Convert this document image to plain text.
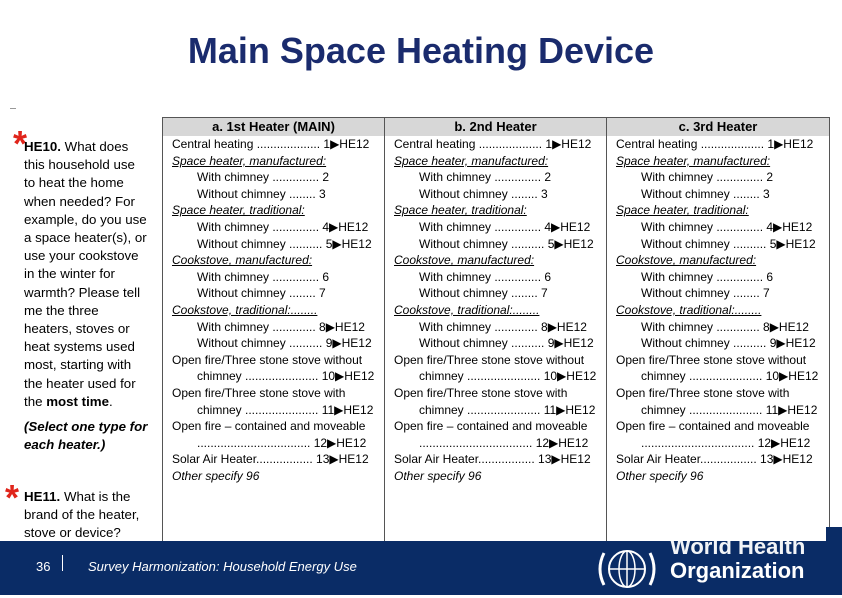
Main Space Heating Device
*
HE10. What does
this household use
to heat the home
when needed? For
example, do you use
a space heater(s), or
use your cookstove
in the winter for
warmth? Please tell
me the three
heaters, stoves or
heat systems used
most, starting with
the heater used for
the most time.
(Select one type for
each heater.)
* HE11. What is the
brand of the heater,
stove or device?
a. 1st Heater (MAIN)
Central heating ................... 1▶HE12
Space heater, manufactured:
With chimney .............. 2
Without chimney ........ 3
Space heater, traditional:
With chimney .............. 4▶HE12
Without chimney .......... 5▶HE12
Cookstove, manufactured:
With chimney .............. 6
Without chimney ........ 7
Cookstove, traditional:........
With chimney ............. 8▶HE12
Without chimney .......... 9▶HE12
Open fire/Three stone stove without
chimney ...................... 10▶HE12
Open fire/Three stone stove with
chimney ...................... 11▶HE12
Open fire – contained and moveable
.................................. 12▶HE12
Solar Air Heater................. 13▶HE12
Other specify 96
b. 2nd Heater
Central heating ................... 1▶HE12
Space heater, manufactured:
With chimney .............. 2
Without chimney ........ 3
Space heater, traditional:
With chimney .............. 4▶HE12
Without chimney .......... 5▶HE12
Cookstove, manufactured:
With chimney .............. 6
Without chimney ........ 7
Cookstove, traditional:........
With chimney ............. 8▶HE12
Without chimney .......... 9▶HE12
Open fire/Three stone stove without
chimney ...................... 10▶HE12
Open fire/Three stone stove with
chimney ...................... 11▶HE12
Open fire – contained and moveable
.................................. 12▶HE12
Solar Air Heater................. 13▶HE12
Other specify 96
c. 3rd Heater
Central heating ................... 1▶HE12
Space heater, manufactured:
With chimney .............. 2
Without chimney ........ 3
Space heater, traditional:
With chimney .............. 4▶HE12
Without chimney .......... 5▶HE12
Cookstove, manufactured:
With chimney .............. 6
Without chimney ........ 7
Cookstove, traditional:........
With chimney ............. 8▶HE12
Without chimney .......... 9▶HE12
Open fire/Three stone stove without
chimney ...................... 10▶HE12
Open fire/Three stone stove with
chimney ...................... 11▶HE12
Open fire – contained and moveable
.................................. 12▶HE12
Solar Air Heater................. 13▶HE12
Other specify 96
36	Survey Harmonization: Household Energy Use
World Health
Organization
